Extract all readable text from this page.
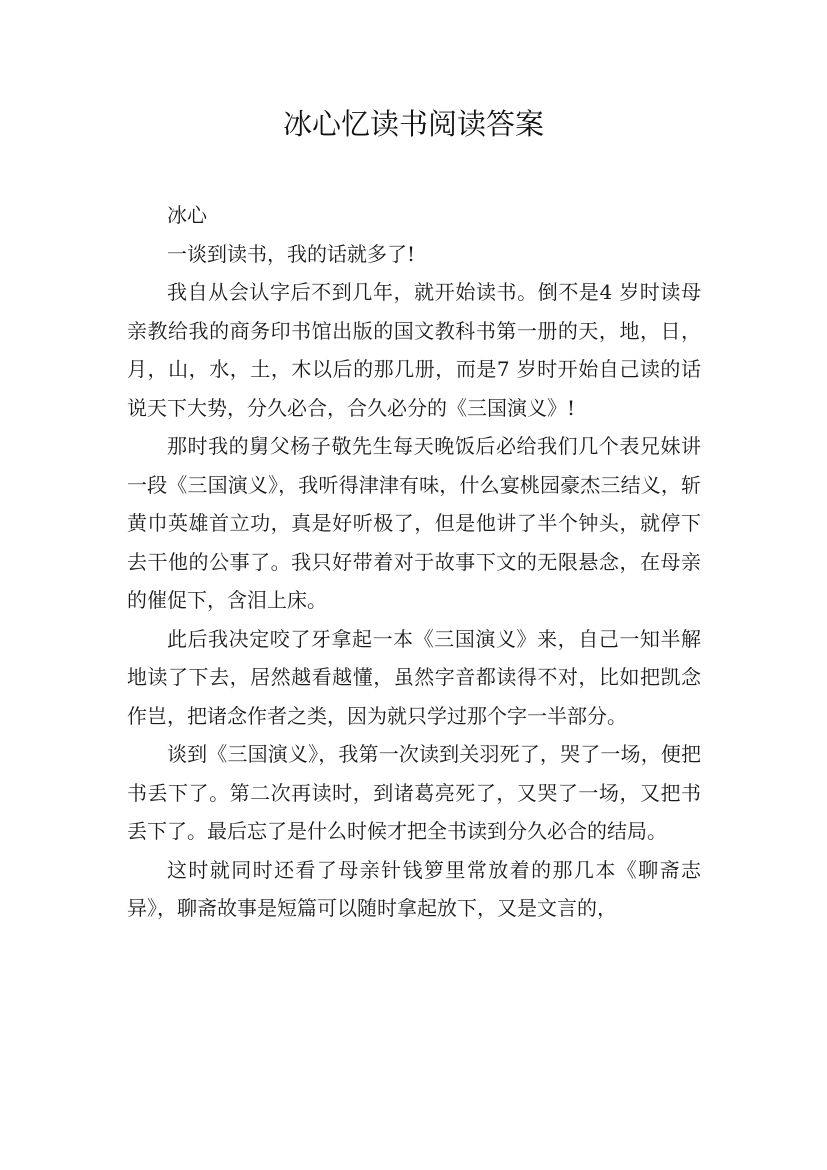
冰心忆读书阅读答案

冰心

一谈到读书，我的话就多了!

我自从会认字后不到几年，就开始读书。倒不是4 岁时读母亲教给我的商务印书馆出版的国文教科书第一册的天，地，日，月，山，水，土，木以后的那几册，而是7 岁时开始自己读的话说天下大势，分久必合，合久必分的《三国演义》!

那时我的舅父杨子敬先生每天晚饭后必给我们几个表兄妹讲一段《三国演义》，我听得津津有味，什么宴桃园豪杰三结义，斩黄巾英雄首立功，真是好听极了，但是他讲了半个钟头，就停下去干他的公事了。我只好带着对于故事下文的无限悬念，在母亲的催促下，含泪上床。

此后我决定咬了牙拿起一本《三国演义》来，自己一知半解地读了下去，居然越看越懂，虽然字音都读得不对，比如把凯念作岂，把诸念作者之类，因为就只学过那个字一半部分。

谈到《三国演义》，我第一次读到关羽死了，哭了一场，便把书丢下了。第二次再读时，到诸葛亮死了，又哭了一场，又把书丢下了。最后忘了是什么时候才把全书读到分久必合的结局。

这时就同时还看了母亲针钱箩里常放着的那几本《聊斋志异》，聊斋故事是短篇可以随时拿起放下，又是文言的，
